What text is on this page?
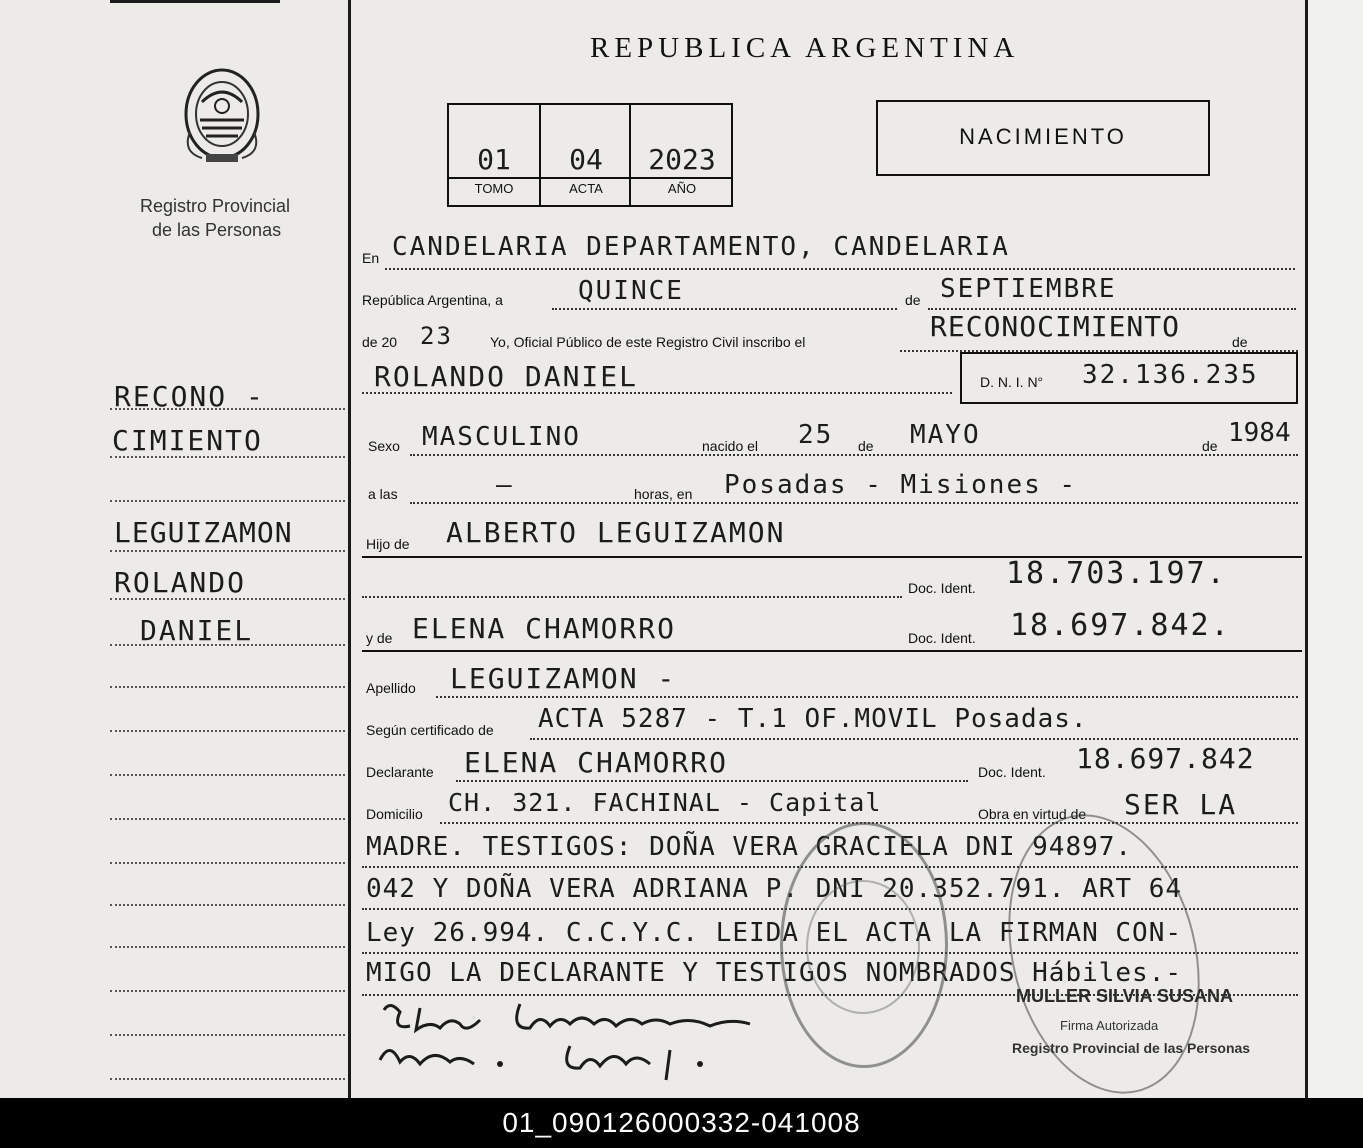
Registro Provincial
de las Personas
REPUBLICA ARGENTINA
01	04	2023
TOMO	ACTA	AÑO
NACIMIENTO
RECONO -
CIMIENTO
LEGUIZAMON
ROLANDO
DANIEL
En CANDELARIA DEPARTAMENTO, CANDELARIA
República Argentina, a	QUINCE	de SEPTIEMBRE
de 20 23	Yo, Oficial Público de este Registro Civil inscribo el	RECONOCIMIENTO	de
ROLANDO DANIEL	D. N. I. N° 32.136.235
Sexo MASCULINO	nacido el 25 de MAYO	de 1984
a las	—	horas, en Posadas - Misiones -
Hijo de ALBERTO LEGUIZAMON
Doc. Ident. 18.703.197.
y de ELENA CHAMORRO	Doc. Ident. 18.697.842.
Apellido LEGUIZAMON -
Según certificado de ACTA 5287 - T.1 OF.MOVIL Posadas.
Declarante ELENA CHAMORRO	Doc. Ident. 18.697.842
Domicilio CH. 321. FACHINAL - Capital	Obra en virtud de SER LA
MADRE. TESTIGOS: DOÑA VERA GRACIELA DNI 94897.
042 Y DOÑA VERA ADRIANA P. DNI 20.352.791. ART 64
Ley 26.994. C.C.Y.C. LEIDA EL ACTA LA FIRMAN CON-
MIGO LA DECLARANTE Y TESTIGOS NOMBRADOS Hábiles.-
MULLER SILVIA SUSANA
Firma Autorizada
Registro Provincial de las Personas
01_090126000332-041008
